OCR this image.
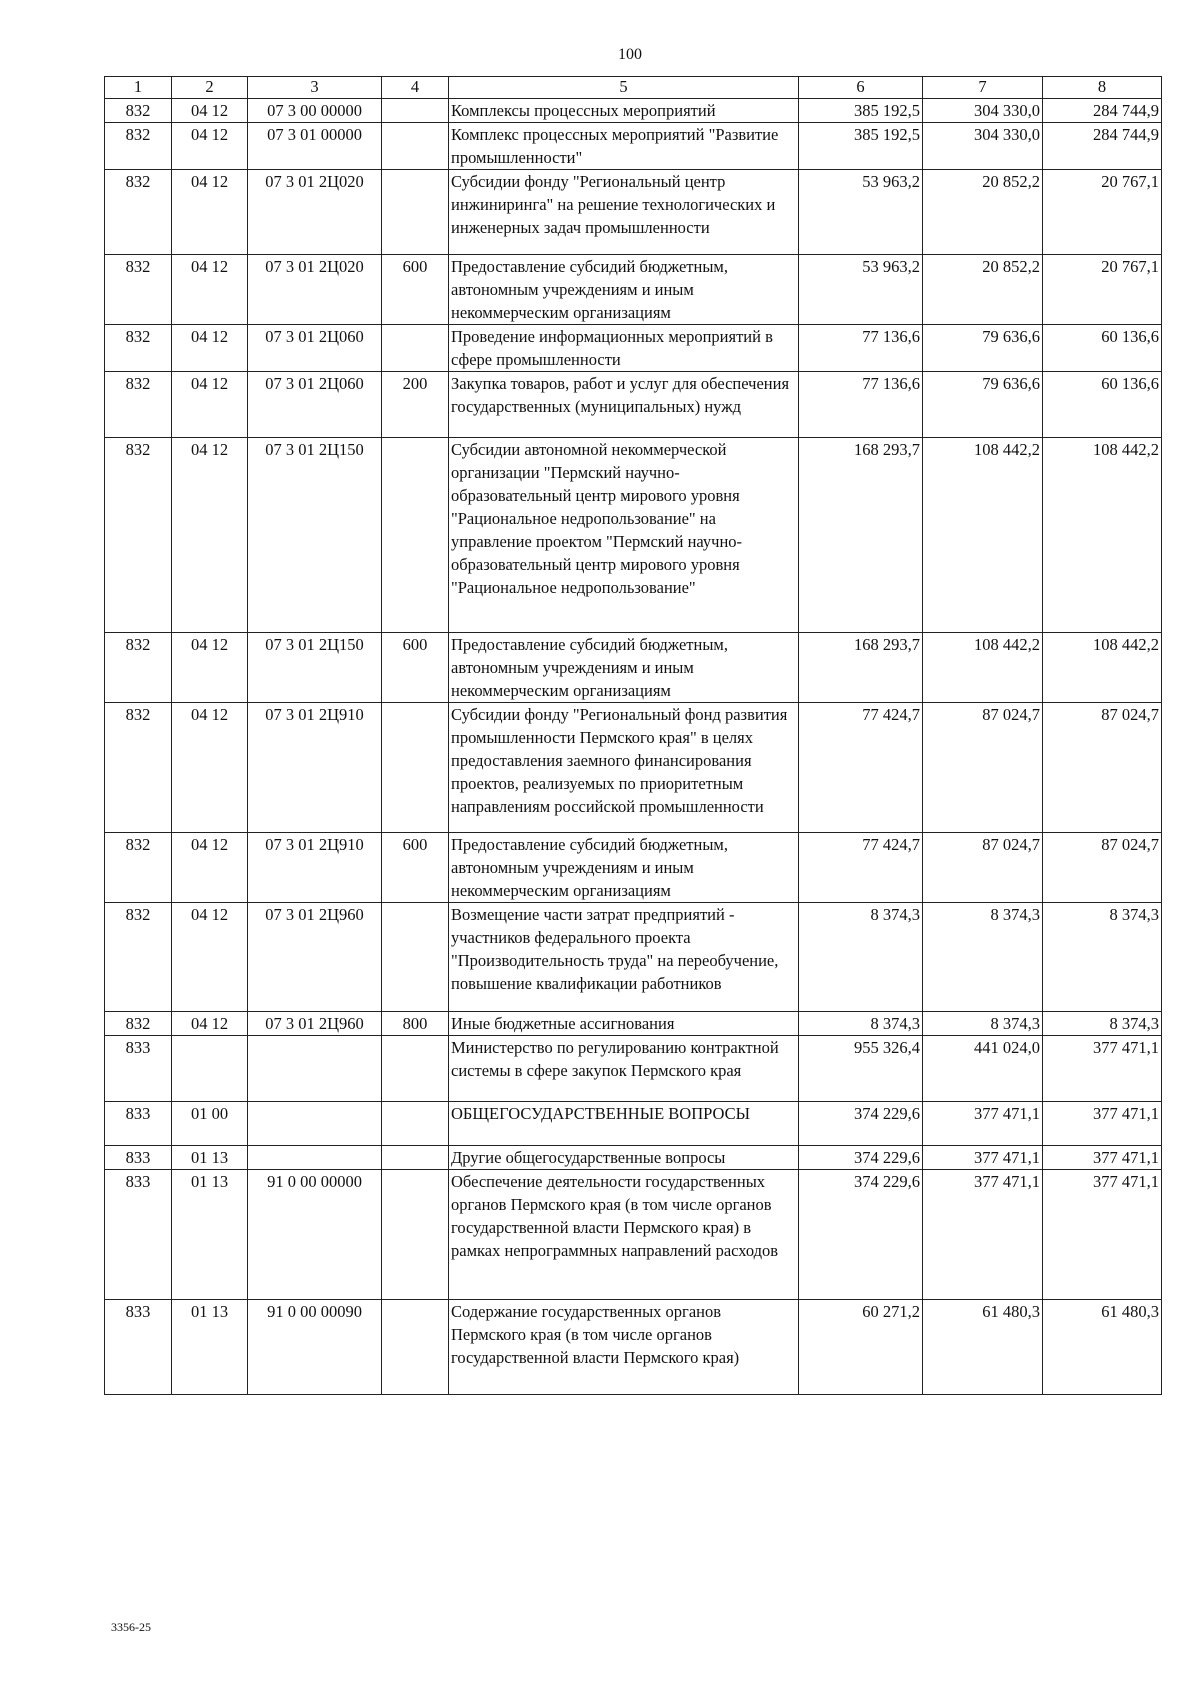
100
1	2	3	4	5	6	7	8
832	04 12	07 3 00 00000		Комплексы процессных мероприятий	385 192,5	304 330,0	284 744,9
832	04 12	07 3 01 00000		Комплекс процессных мероприятий "Развитие промышленности"	385 192,5	304 330,0	284 744,9
832	04 12	07 3 01 2Ц020		Субсидии фонду "Региональный центр инжиниринга" на решение технологических и инженерных задач промышленности	53 963,2	20 852,2	20 767,1
832	04 12	07 3 01 2Ц020	600	Предоставление субсидий бюджетным, автономным учреждениям и иным некоммерческим организациям	53 963,2	20 852,2	20 767,1
832	04 12	07 3 01 2Ц060		Проведение информационных мероприятий в сфере промышленности	77 136,6	79 636,6	60 136,6
832	04 12	07 3 01 2Ц060	200	Закупка товаров, работ и услуг для обеспечения государственных (муниципальных) нужд	77 136,6	79 636,6	60 136,6
832	04 12	07 3 01 2Ц150		Субсидии автономной некоммерческой организации "Пермский научно-образовательный центр мирового уровня "Рациональное недропользование" на управление проектом "Пермский научно-образовательный центр мирового уровня "Рациональное недропользование"	168 293,7	108 442,2	108 442,2
832	04 12	07 3 01 2Ц150	600	Предоставление субсидий бюджетным, автономным учреждениям и иным некоммерческим организациям	168 293,7	108 442,2	108 442,2
832	04 12	07 3 01 2Ц910		Субсидии фонду "Региональный фонд развития промышленности Пермского края" в целях предоставления заемного финансирования проектов, реализуемых по приоритетным направлениям российской промышленности	77 424,7	87 024,7	87 024,7
832	04 12	07 3 01 2Ц910	600	Предоставление субсидий бюджетным, автономным учреждениям и иным некоммерческим организациям	77 424,7	87 024,7	87 024,7
832	04 12	07 3 01 2Ц960		Возмещение части затрат предприятий - участников федерального проекта "Производительность труда" на переобучение, повышение квалификации работников	8 374,3	8 374,3	8 374,3
832	04 12	07 3 01 2Ц960	800	Иные бюджетные ассигнования	8 374,3	8 374,3	8 374,3
833				Министерство по регулированию контрактной системы в сфере закупок Пермского края	955 326,4	441 024,0	377 471,1
833	01 00			ОБЩЕГОСУДАРСТВЕННЫЕ ВОПРОСЫ	374 229,6	377 471,1	377 471,1
833	01 13			Другие общегосударственные вопросы	374 229,6	377 471,1	377 471,1
833	01 13	91 0 00 00000		Обеспечение деятельности государственных органов Пермского края (в том числе органов государственной власти Пермского края) в рамках непрограммных направлений расходов	374 229,6	377 471,1	377 471,1
833	01 13	91 0 00 00090		Содержание государственных органов Пермского края (в том числе органов государственной власти Пермского края)	60 271,2	61 480,3	61 480,3
3356-25
